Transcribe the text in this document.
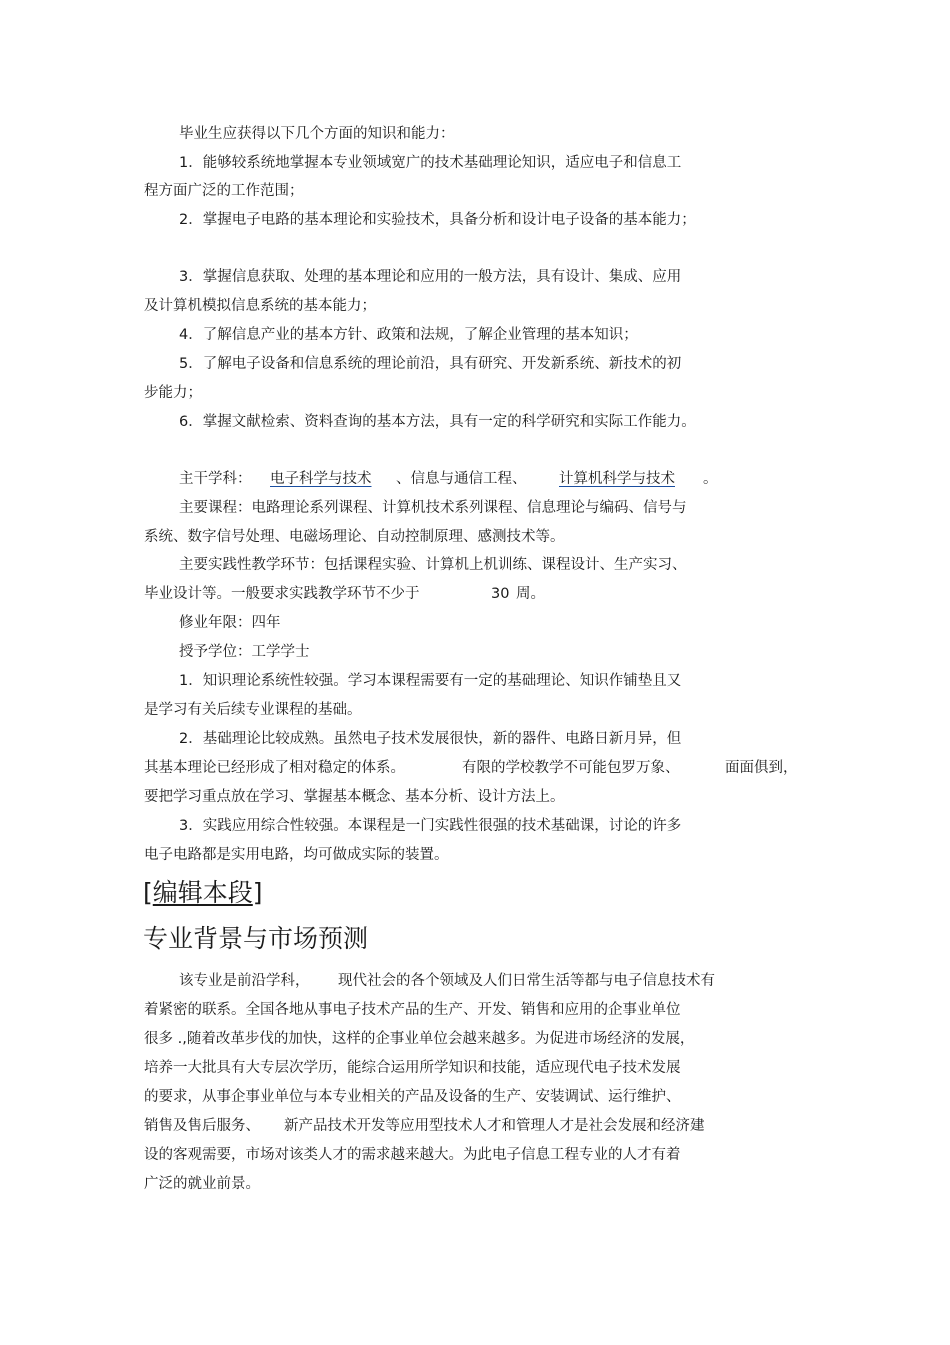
毕业生应获得以下几个方面的知识和能力：
1．能够较系统地掌握本专业领域宽广的技术基础理论知识，适应电子和信息工
程方面广泛的工作范围；
2．掌握电子电路的基本理论和实验技术，具备分析和设计电子设备的基本能力；
3．掌握信息获取、处理的基本理论和应用的一般方法，具有设计、集成、应用
及计算机模拟信息系统的基本能力；
4．了解信息产业的基本方针、政策和法规，了解企业管理的基本知识；
5．了解电子设备和信息系统的理论前沿，具有研究、开发新系统、新技术的初
步能力；
6．掌握文献检索、资料查询的基本方法，具有一定的科学研究和实际工作能力。
主干学科： 电子科学与技术 、信息与通信工程、 计算机科学与技术 。
主要课程：电路理论系列课程、计算机技术系列课程、信息理论与编码、信号与
系统、数字信号处理、电磁场理论、自动控制原理、感测技术等。
主要实践性教学环节：包括课程实验、计算机上机训练、课程设计、生产实习、
毕业设计等。一般要求实践教学环节不少于	30 周。
修业年限：四年
授予学位：工学学士
1．知识理论系统性较强。学习本课程需要有一定的基础理论、知识作铺垫且又
是学习有关后续专业课程的基础。
2．基础理论比较成熟。虽然电子技术发展很快，新的器件、电路日新月异，但
其基本理论已经形成了相对稳定的体系。	有限的学校教学不可能包罗万象、	面面俱到，
要把学习重点放在学习、掌握基本概念、基本分析、设计方法上。
3．实践应用综合性较强。本课程是一门实践性很强的技术基础课，讨论的许多
电子电路都是实用电路，均可做成实际的装置。
[编辑本段]
专业背景与市场预测
该专业是前沿学科， 现代社会的各个领域及人们日常生活等都与电子信息技术有
着紧密的联系。全国各地从事电子技术产品的生产、开发、销售和应用的企事业单位
很多 .,随着改革步伐的加快，这样的企事业单位会越来越多。为促进市场经济的发展，
培养一大批具有大专层次学历，能综合运用所学知识和技能，适应现代电子技术发展
的要求，从事企事业单位与本专业相关的产品及设备的生产、安装调试、运行维护、
销售及售后服务、 新产品技术开发等应用型技术人才和管理人才是社会发展和经济建
设的客观需要，市场对该类人才的需求越来越大。为此电子信息工程专业的人才有着
广泛的就业前景。
